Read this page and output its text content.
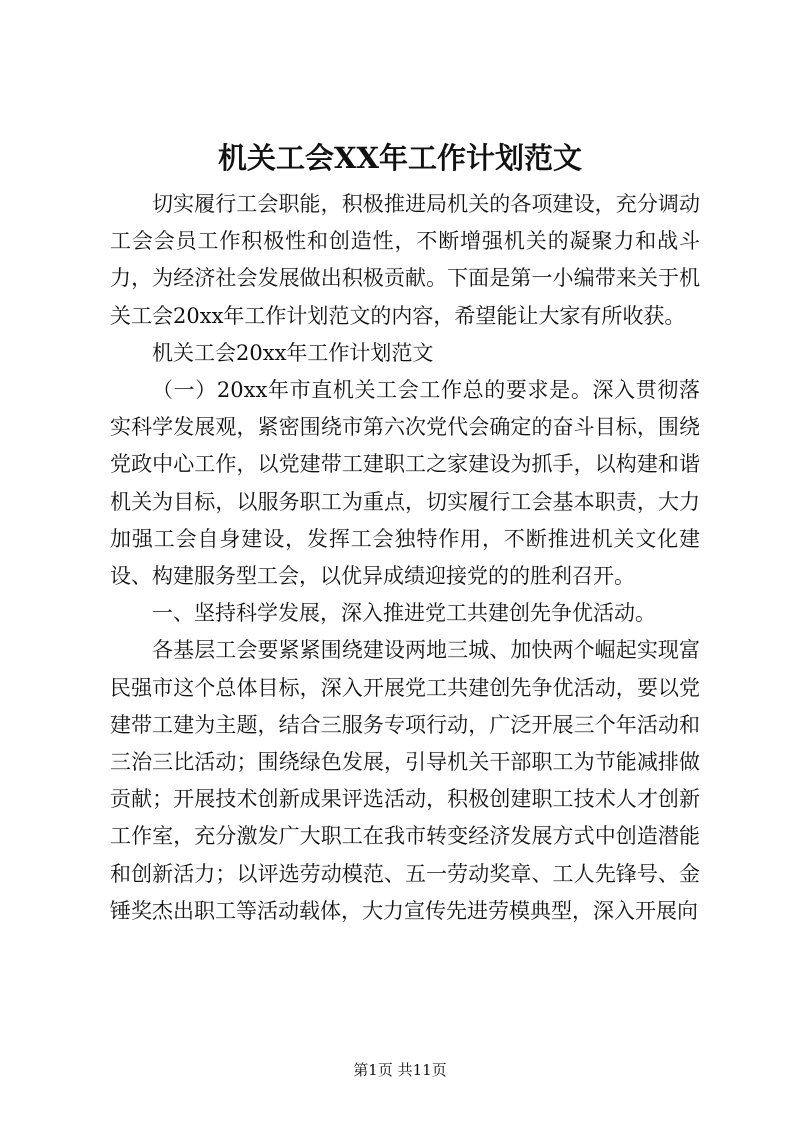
机关工会XX年工作计划范文

切实履行工会职能，积极推进局机关的各项建设，充分调动工会会员工作积极性和创造性，不断增强机关的凝聚力和战斗力，为经济社会发展做出积极贡献。下面是第一小编带来关于机关工会20xx年工作计划范文的内容，希望能让大家有所收获。

机关工会20xx年工作计划范文

（一）20xx年市直机关工会工作总的要求是。深入贯彻落实科学发展观，紧密围绕市第六次党代会确定的奋斗目标，围绕党政中心工作，以党建带工建职工之家建设为抓手，以构建和谐机关为目标，以服务职工为重点，切实履行工会基本职责，大力加强工会自身建设，发挥工会独特作用，不断推进机关文化建设、构建服务型工会，以优异成绩迎接党的的胜利召开。

一、坚持科学发展，深入推进党工共建创先争优活动。

各基层工会要紧紧围绕建设两地三城、加快两个崛起实现富民强市这个总体目标，深入开展党工共建创先争优活动，要以党建带工建为主题，结合三服务专项行动，广泛开展三个年活动和三治三比活动；围绕绿色发展，引导机关干部职工为节能减排做贡献；开展技术创新成果评选活动，积极创建职工技术人才创新工作室，充分激发广大职工在我市转变经济发展方式中创造潜能和创新活力；以评选劳动模范、五一劳动奖章、工人先锋号、金锤奖杰出职工等活动载体，大力宣传先进劳模典型，深入开展向

第1页 共11页
